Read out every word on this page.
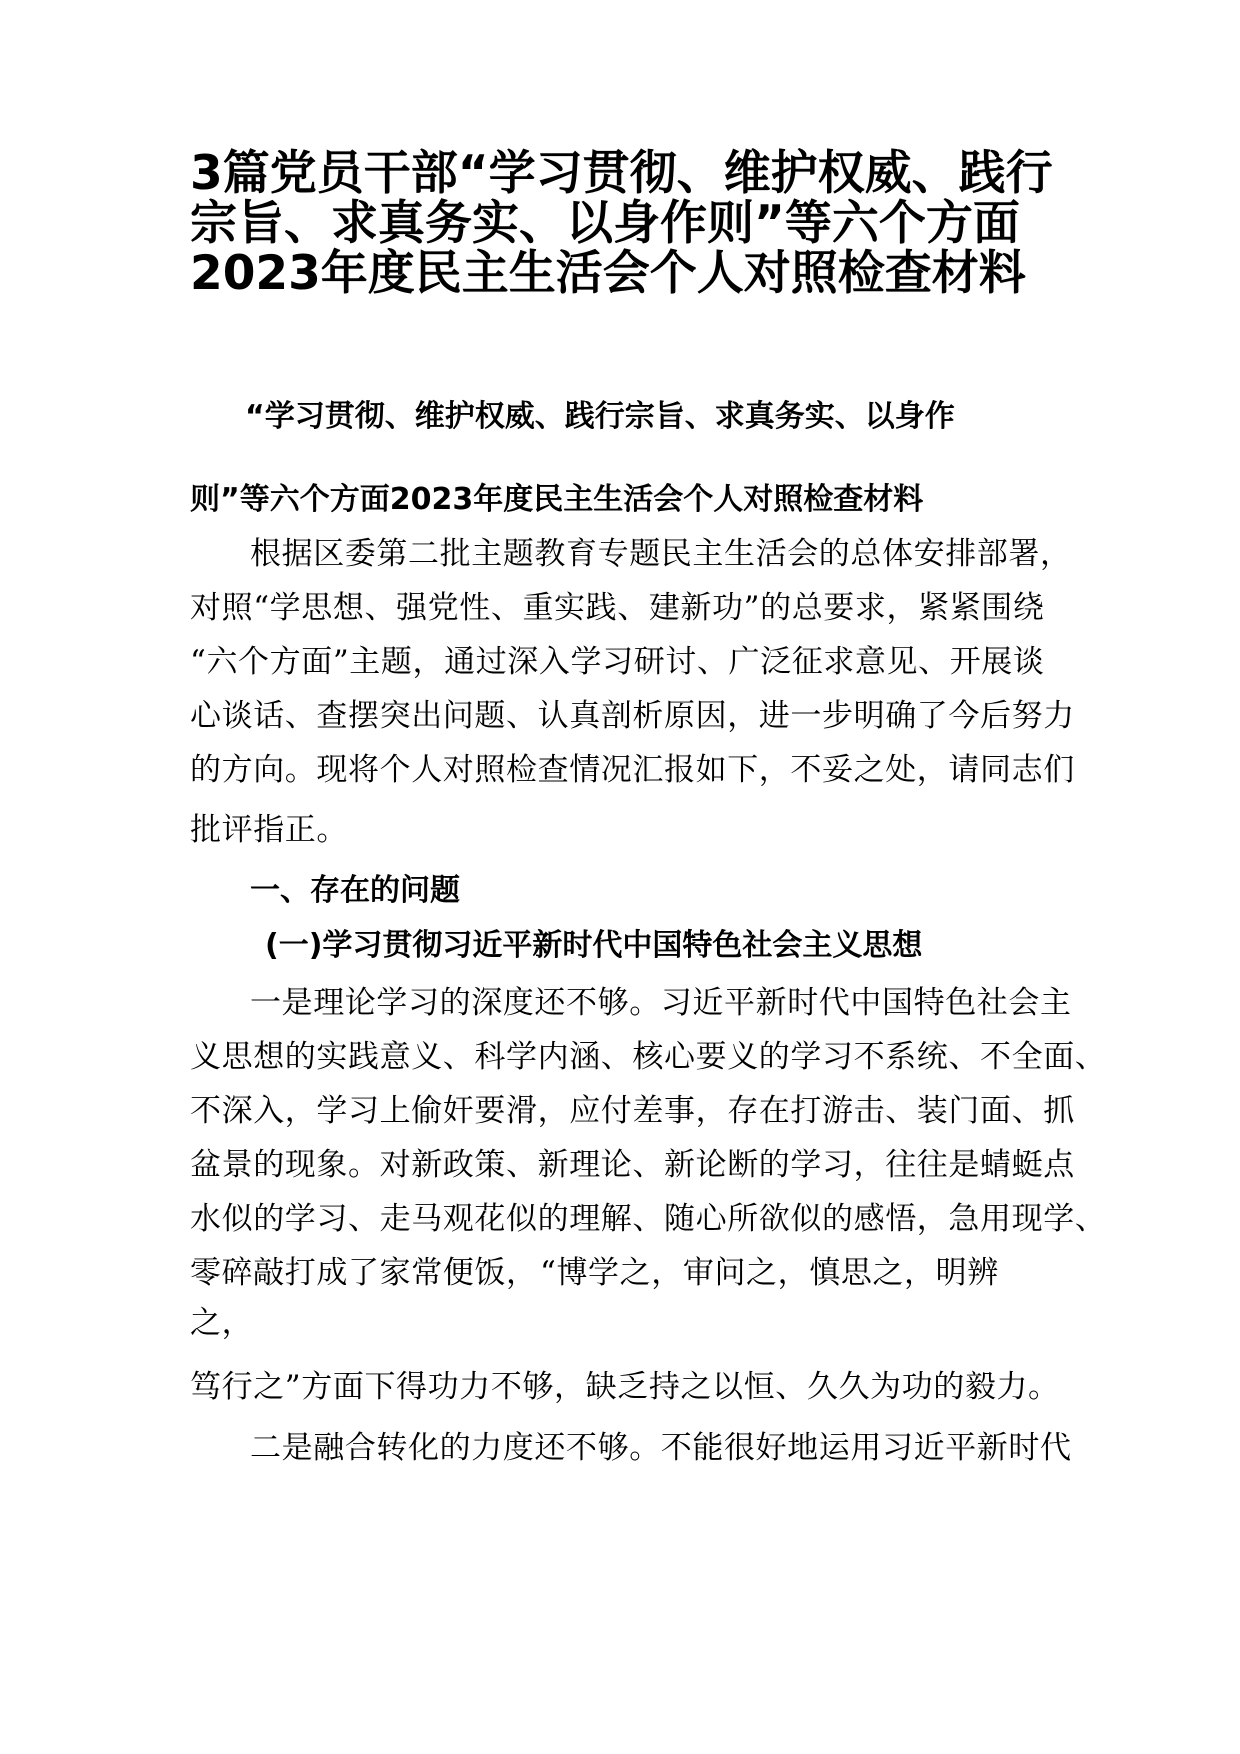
3篇党员干部“学习贯彻、维护权威、践行
宗旨、求真务实、以身作则”等六个方面
2023年度民主生活会个人对照检查材料
“学习贯彻、维护权威、践行宗旨、求真务实、以身作
则”等六个方面2023年度民主生活会个人对照检查材料
根据区委第二批主题教育专题民主生活会的总体安排部署，
对照“学思想、强党性、重实践、建新功”的总要求，紧紧围绕
“六个方面”主题，通过深入学习研讨、广泛征求意见、开展谈
心谈话、查摆突出问题、认真剖析原因，进一步明确了今后努力
的方向。现将个人对照检查情况汇报如下，不妥之处，请同志们
批评指正。
一、存在的问题
(一)学习贯彻习近平新时代中国特色社会主义思想
一是理论学习的深度还不够。习近平新时代中国特色社会主
义思想的实践意义、科学内涵、核心要义的学习不系统、不全面、
不深入，学习上偷奸要滑，应付差事，存在打游击、装门面、抓
盆景的现象。对新政策、新理论、新论断的学习，往往是蜻蜓点
水似的学习、走马观花似的理解、随心所欲似的感悟，急用现学、
零碎敲打成了家常便饭， “博学之，审问之，慎思之，明辨
之，
笃行之”方面下得功力不够，缺乏持之以恒、久久为功的毅力。
二是融合转化的力度还不够。不能很好地运用习近平新时代
